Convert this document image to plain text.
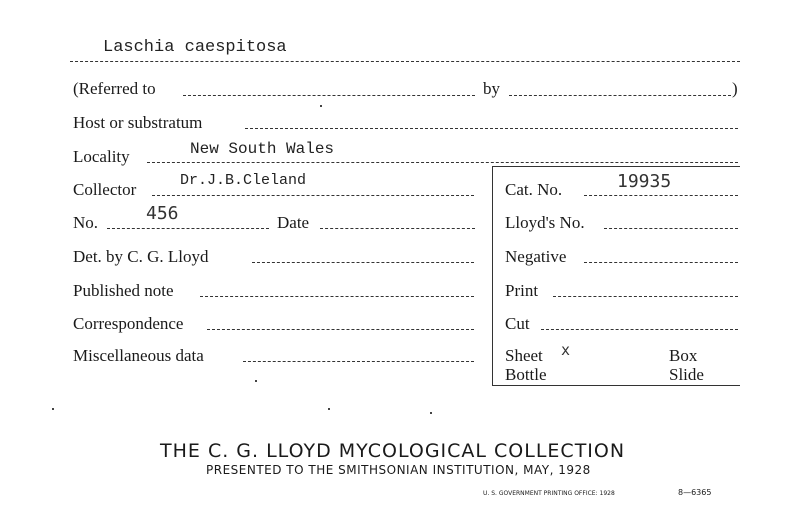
Laschia caespitosa
(Referred to	by	)
Host or substratum
Locality	New South Wales
Collector	Dr.J.B.Cleland	Cat. No.	19935
No.	456	Date	Lloyd's No.
Det. by C. G. Lloyd	Negative
Published note	Print
Correspondence	Cut
Miscellaneous data	Sheet x	Box
Bottle	Slide
THE C. G. LLOYD MYCOLOGICAL COLLECTION
PRESENTED TO THE SMITHSONIAN INSTITUTION, MAY, 1928
U. S. GOVERNMENT PRINTING OFFICE: 1928	8—6365
